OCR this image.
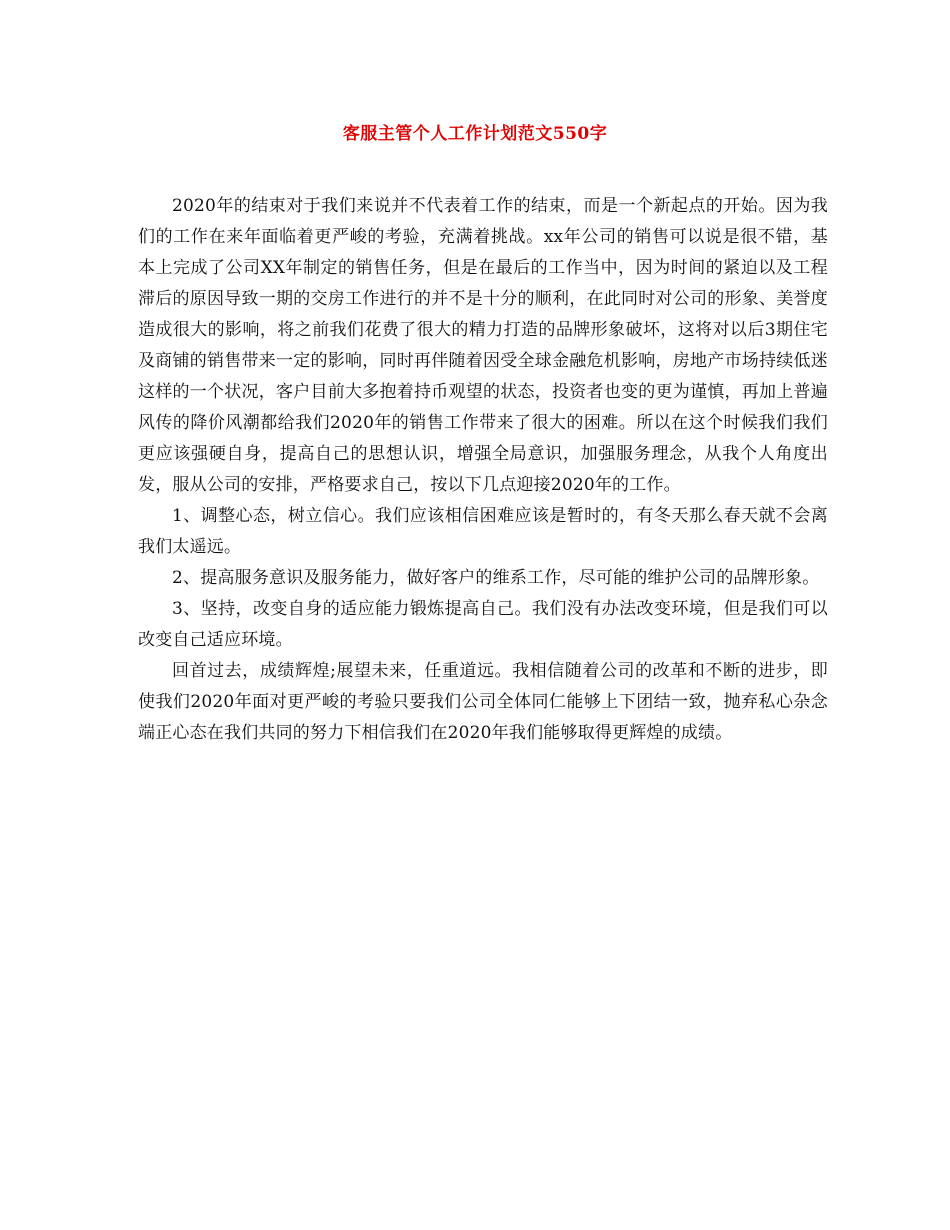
客服主管个人工作计划范文550字

2020年的结束对于我们来说并不代表着工作的结束，而是一个新起点的开始。因为我们的工作在来年面临着更严峻的考验，充满着挑战。xx年公司的销售可以说是很不错，基本上完成了公司XX年制定的销售任务，但是在最后的工作当中，因为时间的紧迫以及工程滞后的原因导致一期的交房工作进行的并不是十分的顺利，在此同时对公司的形象、美誉度造成很大的影响，将之前我们花费了很大的精力打造的品牌形象破坏，这将对以后3期住宅及商铺的销售带来一定的影响，同时再伴随着因受全球金融危机影响，房地产市场持续低迷这样的一个状况，客户目前大多抱着持币观望的状态，投资者也变的更为谨慎，再加上普遍风传的降价风潮都给我们2020年的销售工作带来了很大的困难。所以在这个时候我们我们更应该强硬自身，提高自己的思想认识，增强全局意识，加强服务理念，从我个人角度出发，服从公司的安排，严格要求自己，按以下几点迎接2020年的工作。

1、调整心态，树立信心。我们应该相信困难应该是暂时的，有冬天那么春天就不会离我们太遥远。

2、提高服务意识及服务能力，做好客户的维系工作，尽可能的维护公司的品牌形象。

3、坚持，改变自身的适应能力锻炼提高自己。我们没有办法改变环境，但是我们可以改变自己适应环境。

回首过去，成绩辉煌;展望未来，任重道远。我相信随着公司的改革和不断的进步，即使我们2020年面对更严峻的考验只要我们公司全体同仁能够上下团结一致，抛弃私心杂念端正心态在我们共同的努力下相信我们在2020年我们能够取得更辉煌的成绩。
